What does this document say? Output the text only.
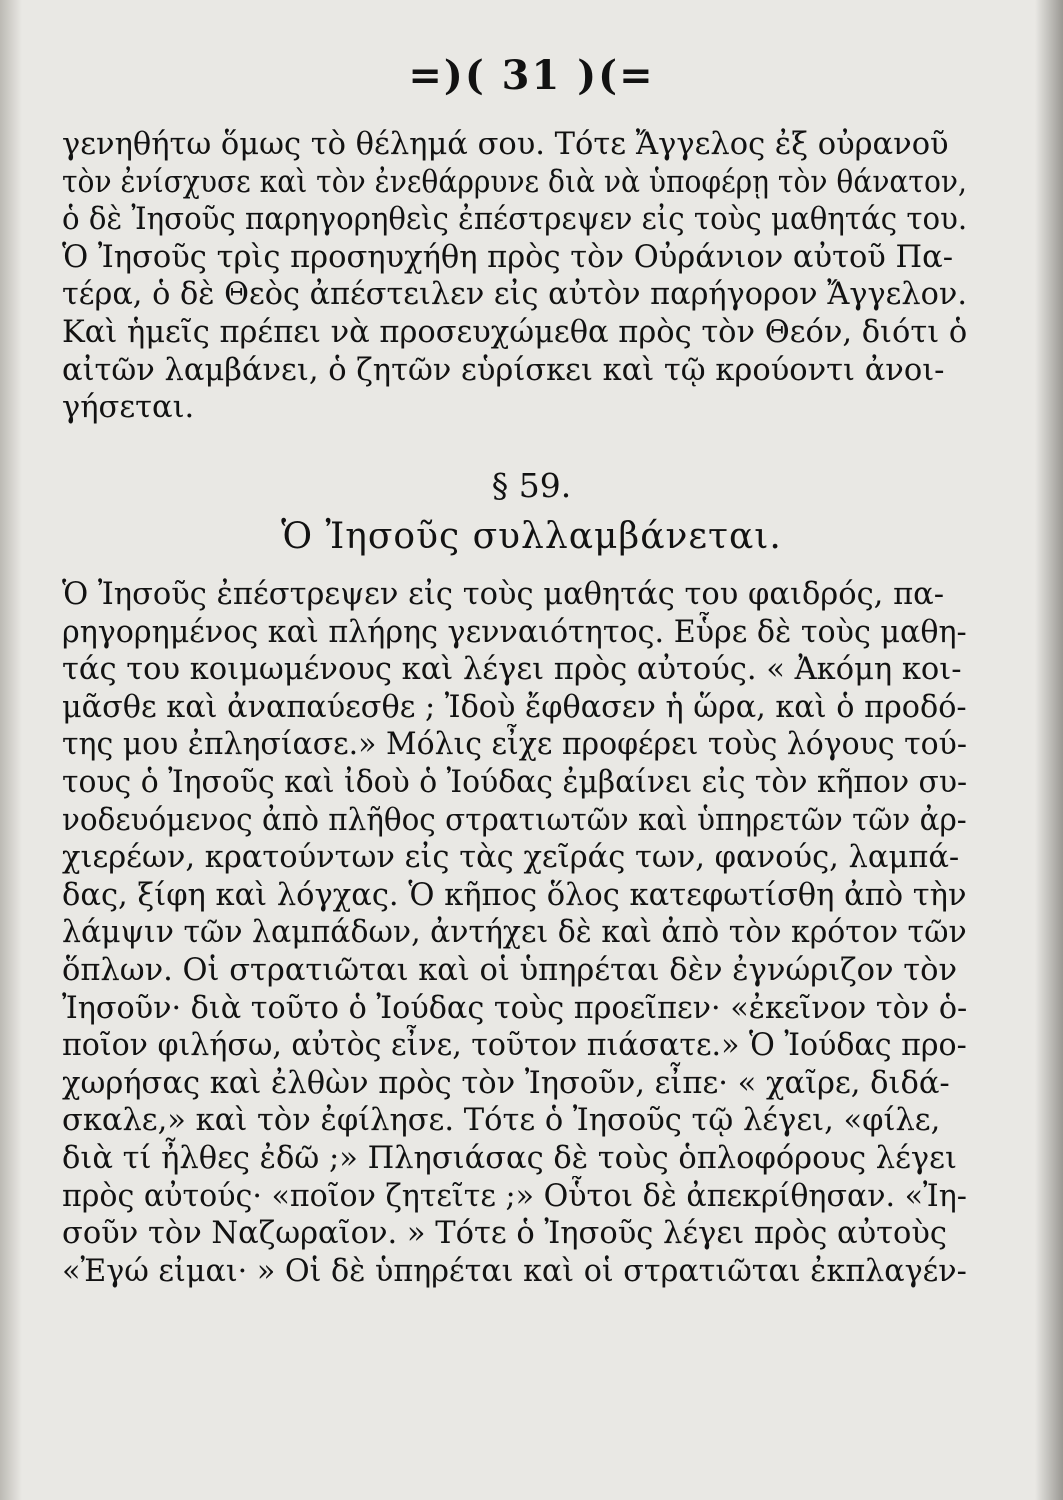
=)( 31 )(=
γενηθήτω ὅμως τὸ θέλημά σου. Τότε Ἄγγελος ἐξ οὐρανοῦ
τὸν ἐνίσχυσε καὶ τὸν ἐνεθάρρυνε διὰ νὰ ὑποφέρῃ τὸν θάνατον,
ὁ δὲ Ἰησοῦς παρηγορηθεὶς ἐπέστρεψεν εἰς τοὺς μαθητάς του.
Ὁ Ἰησοῦς τρὶς προσηυχήθη πρὸς τὸν Οὐράνιον αὐτοῦ Πα-
τέρα, ὁ δὲ Θεὸς ἀπέστειλεν εἰς αὐτὸν παρήγορον Ἄγγελον.
Καὶ ἡμεῖς πρέπει νὰ προσευχώμεθα πρὸς τὸν Θεόν, διότι ὁ
αἰτῶν λαμβάνει, ὁ ζητῶν εὑρίσκει καὶ τῷ κρούοντι ἀνοι-
γήσεται.
§ 59.
Ὁ Ἰησοῦς συλλαμβάνεται.
Ὁ Ἰησοῦς ἐπέστρεψεν εἰς τοὺς μαθητάς του φαιδρός, πα-
ρηγορημένος καὶ πλήρης γενναιότητος. Εὗρε δὲ τοὺς μαθη-
τάς του κοιμωμένους καὶ λέγει πρὸς αὐτούς. « Ἀκόμη κοι-
μᾶσθε καὶ ἀναπαύεσθε ; Ἰδοὺ ἔφθασεν ἡ ὥρα, καὶ ὁ προδό-
της μου ἐπλησίασε.» Μόλις εἶχε προφέρει τοὺς λόγους τού-
τους ὁ Ἰησοῦς καὶ ἰδοὺ ὁ Ἰούδας ἐμβαίνει εἰς τὸν κῆπον συ-
νοδευόμενος ἀπὸ πλῆθος στρατιωτῶν καὶ ὑπηρετῶν τῶν ἀρ-
χιερέων, κρατούντων εἰς τὰς χεῖράς των, φανούς, λαμπά-
δας, ξίφη καὶ λόγχας. Ὁ κῆπος ὅλος κατεφωτίσθη ἀπὸ τὴν
λάμψιν τῶν λαμπάδων, ἀντήχει δὲ καὶ ἀπὸ τὸν κρότον τῶν
ὅπλων. Οἱ στρατιῶται καὶ οἱ ὑπηρέται δὲν ἐγνώριζον τὸν
Ἰησοῦν· διὰ τοῦτο ὁ Ἰούδας τοὺς προεῖπεν· «ἐκεῖνον τὸν ὁ-
ποῖον φιλήσω, αὐτὸς εἶνε, τοῦτον πιάσατε.» Ὁ Ἰούδας προ-
χωρήσας καὶ ἐλθὼν πρὸς τὸν Ἰησοῦν, εἶπε· « χαῖρε, διδά-
σκαλε,» καὶ τὸν ἐφίλησε. Τότε ὁ Ἰησοῦς τῷ λέγει, «φίλε,
διὰ τί ἦλθες ἐδῶ ;» Πλησιάσας δὲ τοὺς ὁπλοφόρους λέγει
πρὸς αὐτούς· «ποῖον ζητεῖτε ;» Οὗτοι δὲ ἀπεκρίθησαν. «Ἰη-
σοῦν τὸν Ναζωραῖον. » Τότε ὁ Ἰησοῦς λέγει πρὸς αὐτοὺς
«Ἐγώ εἰμαι· » Οἱ δὲ ὑπηρέται καὶ οἱ στρατιῶται ἐκπλαγέν-
